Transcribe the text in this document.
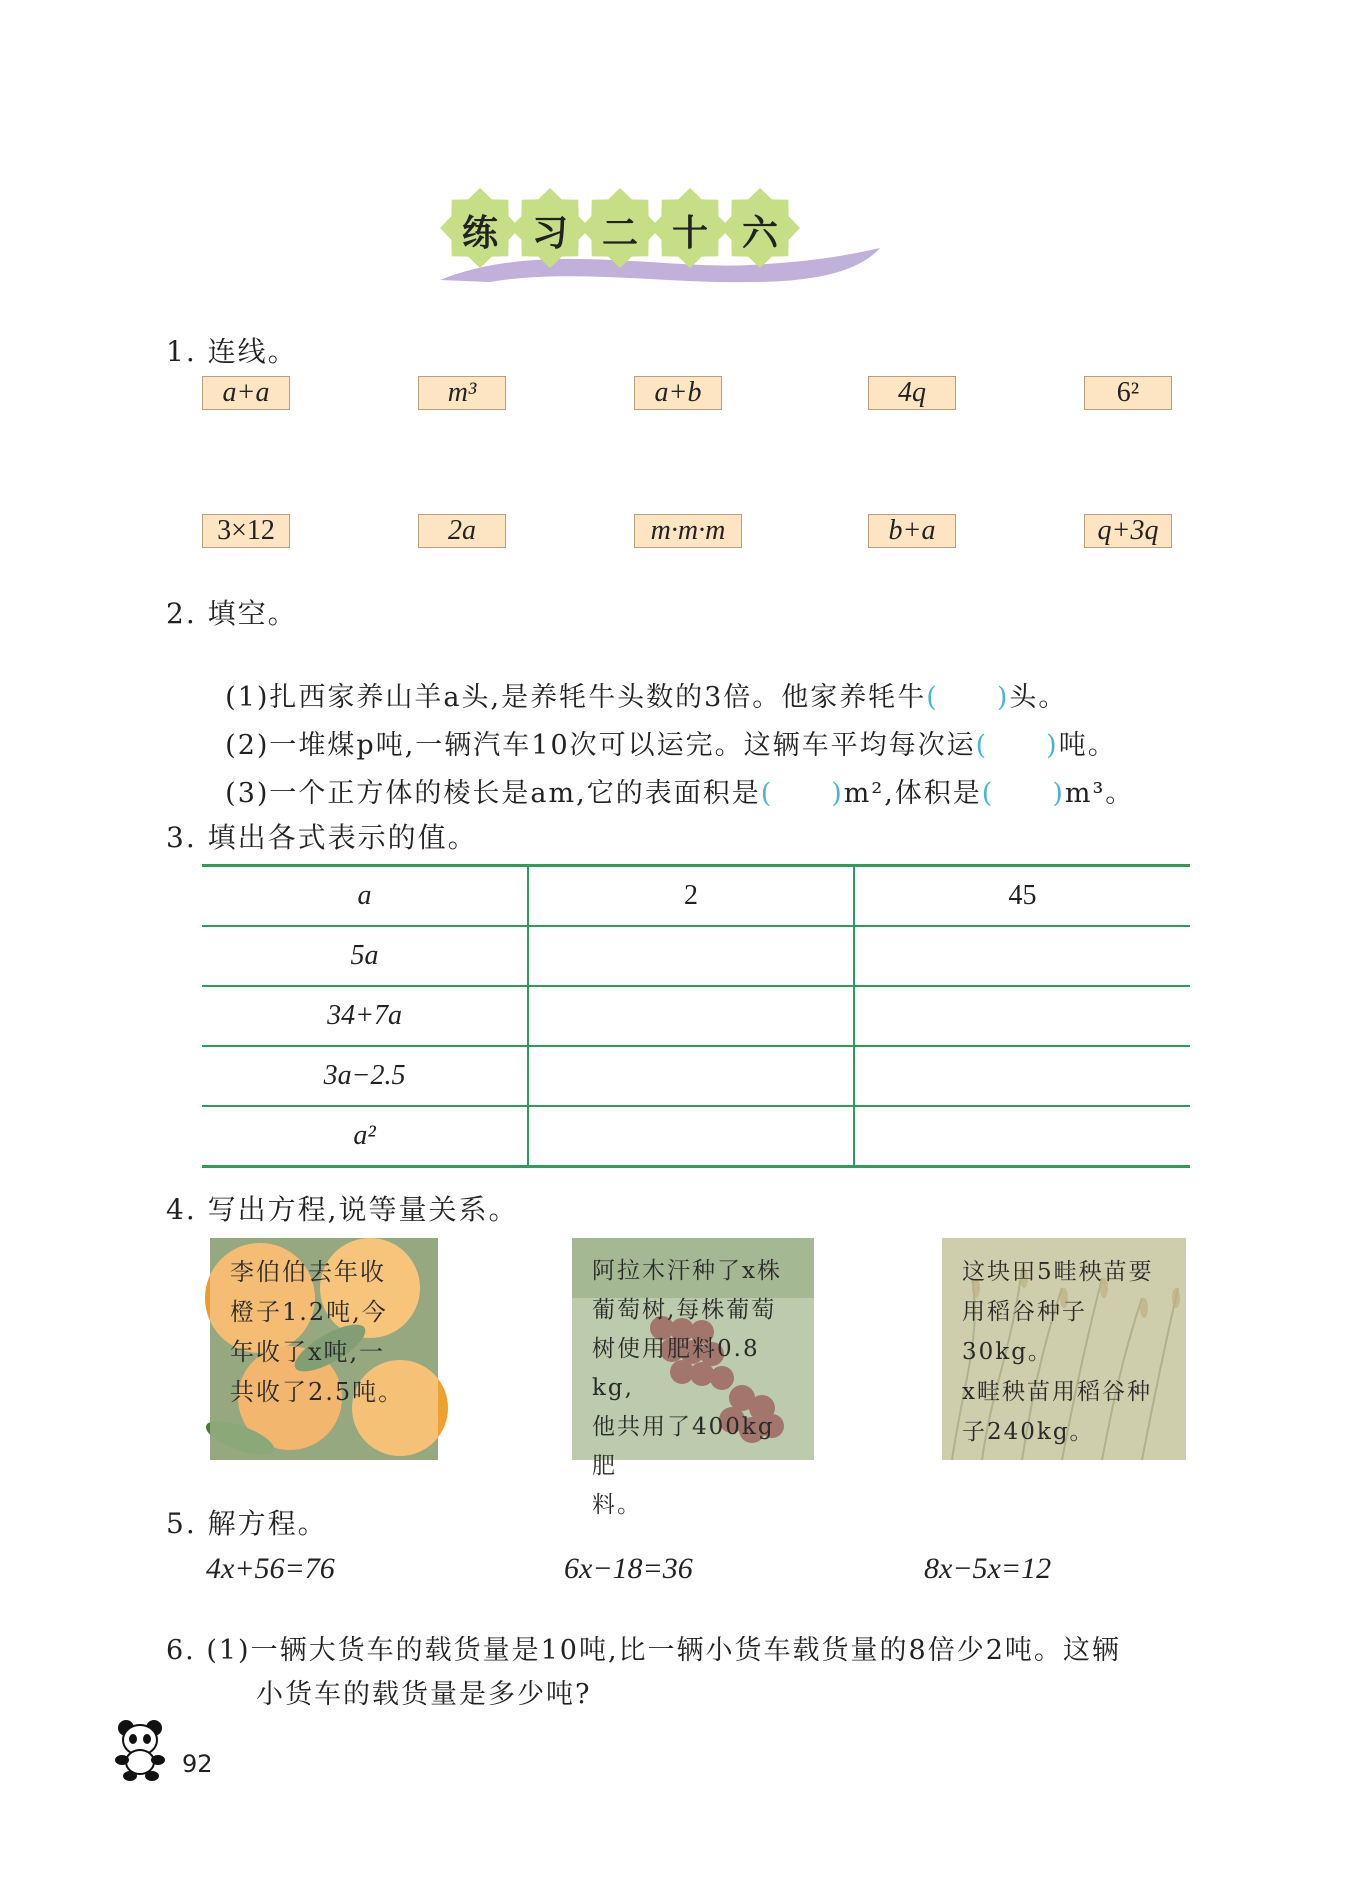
练 习 二 十 六
1. 连线。
a+a	m³	a+b	4q	6²
3×12	2a	m·m·m	b+a	q+3q
2. 填空。

(1)扎西家养山羊a头,是养牦牛头数的3倍。他家养牦牛(  )头。

(2)一堆煤p吨,一辆汽车10次可以运完。这辆车平均每次运(  )吨。

(3)一个正方体的棱长是am,它的表面积是(  )m²,体积是(  )m³。

3. 填出各式表示的值。
a	2	45
5a		
34+7a		
3a−2.5		
a²		
4. 写出方程,说等量关系。
李伯伯去年收
橙子1.2吨,今
年收了x吨,一
共收了2.5吨。
阿拉木汗种了x株
葡萄树,每株葡萄
树使用肥料0.8 kg,
他共用了400kg肥
料。
这块田5畦秧苗要
用稻谷种子30kg。
x畦秧苗用稻谷种
子240kg。
5. 解方程。
4x+56=76	6x−18=36	8x−5x=12
6. (1)一辆大货车的载货量是10吨,比一辆小货车载货量的8倍少2吨。这辆
小货车的载货量是多少吨?
92
